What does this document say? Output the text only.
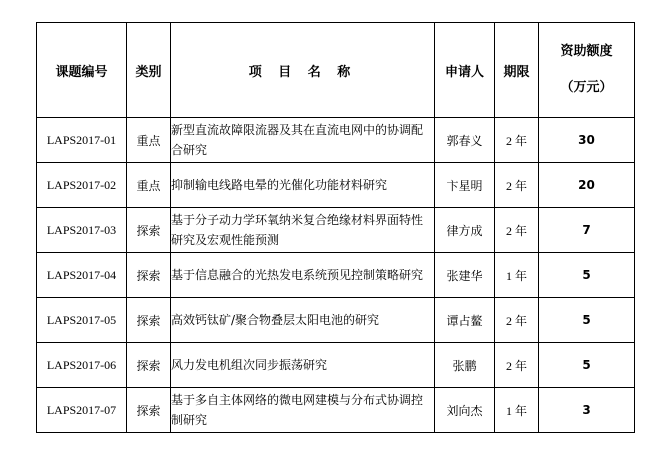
课题编号	类别	项 目 名 称	申请人	期限	资助额度
（万元）

LAPS2017-01	重点	新型直流故障限流器及其在直流电网中的协调配合研究	郭春义	2 年	30
LAPS2017-02	重点	抑制输电线路电晕的光催化功能材料研究	卞星明	2 年	20
LAPS2017-03	探索	基于分子动力学环氧纳米复合绝缘材料界面特性研究及宏观性能预测	律方成	2 年	7
LAPS2017-04	探索	基于信息融合的光热发电系统预见控制策略研究	张建华	1 年	5
LAPS2017-05	探索	高效钙钛矿/聚合物叠层太阳电池的研究	谭占鳌	2 年	5
LAPS2017-06	探索	风力发电机组次同步振荡研究	张鹏	2 年	5
LAPS2017-07	探索	基于多自主体网络的微电网建模与分布式协调控制研究	刘向杰	1 年	3
